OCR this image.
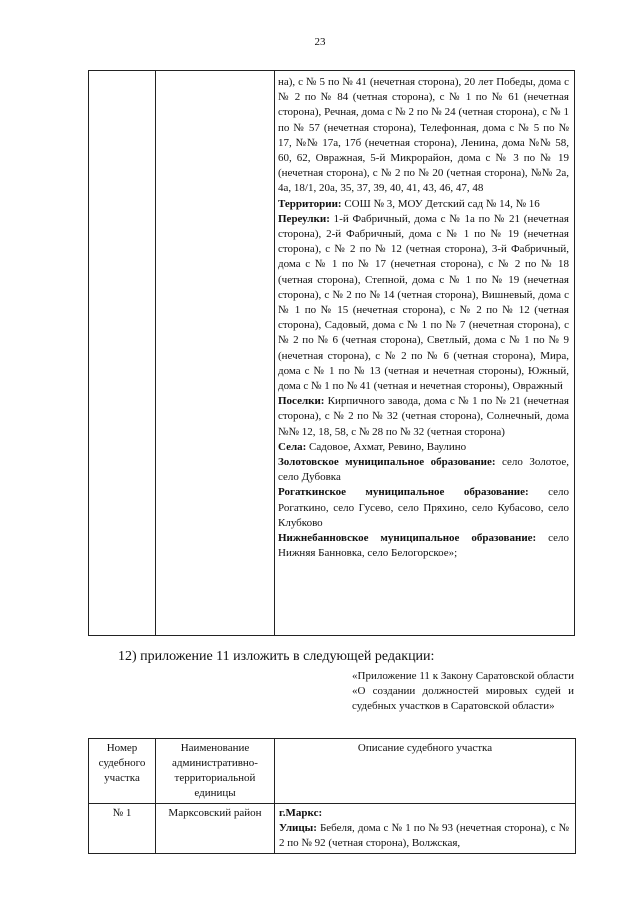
23

на), с № 5 по № 41 (нечетная сторона), 20 лет Победы, дома с № 2 по № 84 (четная сторона), с № 1 по № 61 (нечетная сторона), Речная, дома с № 2 по № 24 (четная сторона), с № 1 по № 57 (нечетная сторона), Телефонная, дома с № 5 по № 17, №№ 17а, 17б (нечетная сторона), Ленина, дома №№ 58, 60, 62, Овражная, 5-й Микрорайон, дома с № 3 по № 19 (нечетная сторона), с № 2 по № 20 (четная сторона), №№ 2а, 4а, 18/1, 20а, 35, 37, 39, 40, 41, 43, 46, 47, 48

Территории: СОШ № 3, МОУ Детский сад № 14, № 16

Переулки: 1-й Фабричный, дома с № 1а по № 21 (нечетная сторона), 2-й Фабричный, дома с № 1 по № 19 (нечетная сторона), с № 2 по № 12 (четная сторона), 3-й Фабричный, дома с № 1 по № 17 (нечетная сторона), с № 2 по № 18 (четная сторона), Степной, дома с № 1 по № 19 (нечетная сторона), с № 2 по № 14 (четная сторона), Вишневый, дома с № 1 по № 15 (нечетная сторона), с № 2 по № 12 (четная сторона), Садовый, дома с № 1 по № 7 (нечетная сторона), с № 2 по № 6 (четная сторона), Светлый, дома с № 1 по № 9 (нечетная сторона), с № 2 по № 6 (четная сторона), Мира, дома с № 1 по № 13 (четная и нечетная стороны), Южный, дома с № 1 по № 41 (четная и нечетная стороны), Овражный

Поселки: Кирпичного завода, дома с № 1 по № 21 (нечетная сторона), с № 2 по № 32 (четная сторона), Солнечный, дома №№ 12, 18, 58, с № 28 по № 32 (четная сторона)

Села: Садовое, Ахмат, Ревино, Ваулино

Золотовское муниципальное образование: село Золотое, село Дубовка

Рогаткинское муниципальное образование: село Рогаткино, село Гусево, село Пряхино, село Кубасово, село Клубково

Нижнебанновское муниципальное образование: село Нижняя Банновка, село Белогорское»;

12) приложение 11 изложить в следующей редакции:
«Приложение 11 к Закону Саратовской области «О создании должностей мировых судей и судебных участков в Саратовской области»
Номер судебного участка	Наименование административно-территориальной единицы	Описание судебного участка
№ 1	Марксовский район	г.Маркс:
Улицы: Бебеля, дома с № 1 по № 93 (нечетная сторона), с № 2 по № 92 (четная сторона), Волжская,
